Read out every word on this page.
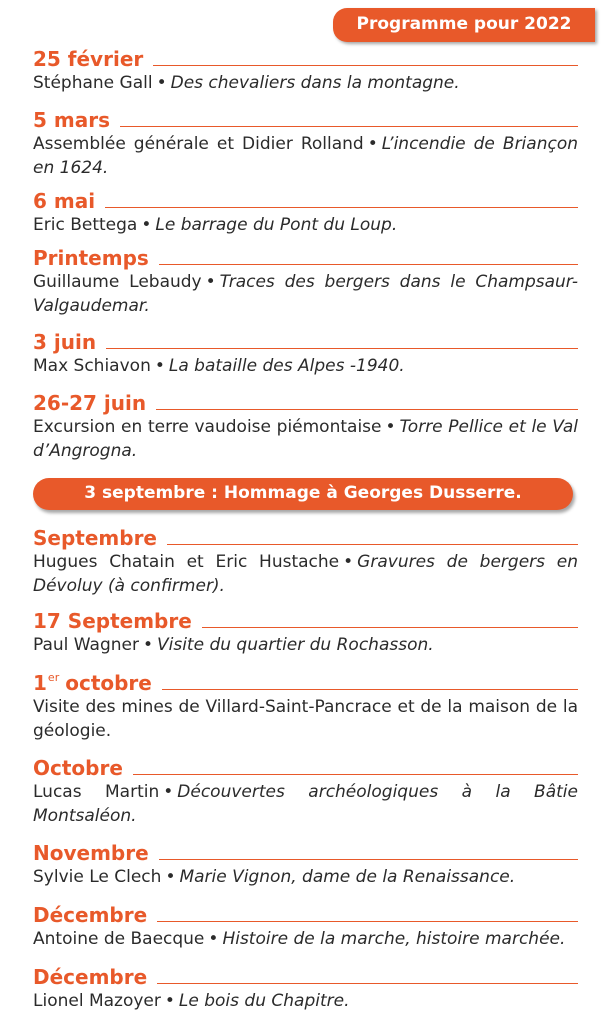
Programme pour 2022
25 février
Stéphane Gall • Des chevaliers dans la montagne.
5 mars
Assemblée générale et Didier Rolland • L’incendie de Briançon en 1624.
6 mai
Eric Bettega • Le barrage du Pont du Loup.
Printemps
Guillaume Lebaudy • Traces des bergers dans le Champsaur-Valgaudemar.
3 juin
Max Schiavon • La bataille des Alpes -1940.
26-27 juin
Excursion en terre vaudoise piémontaise • Torre Pellice et le Val d’Angrogna.
3 septembre : Hommage à Georges Dusserre.
Septembre
Hugues Chatain et Eric Hustache • Gravures de bergers en Dévoluy (à confirmer).
17 Septembre
Paul Wagner • Visite du quartier du Rochasson.
1er octobre
Visite des mines de Villard-Saint-Pancrace et de la maison de la géologie.
Octobre
Lucas Martin • Découvertes archéologiques à la Bâtie Montsaléon.
Novembre
Sylvie Le Clech • Marie Vignon, dame de la Renaissance.
Décembre
Antoine de Baecque • Histoire de la marche, histoire marchée.
Décembre
Lionel Mazoyer • Le bois du Chapitre.
